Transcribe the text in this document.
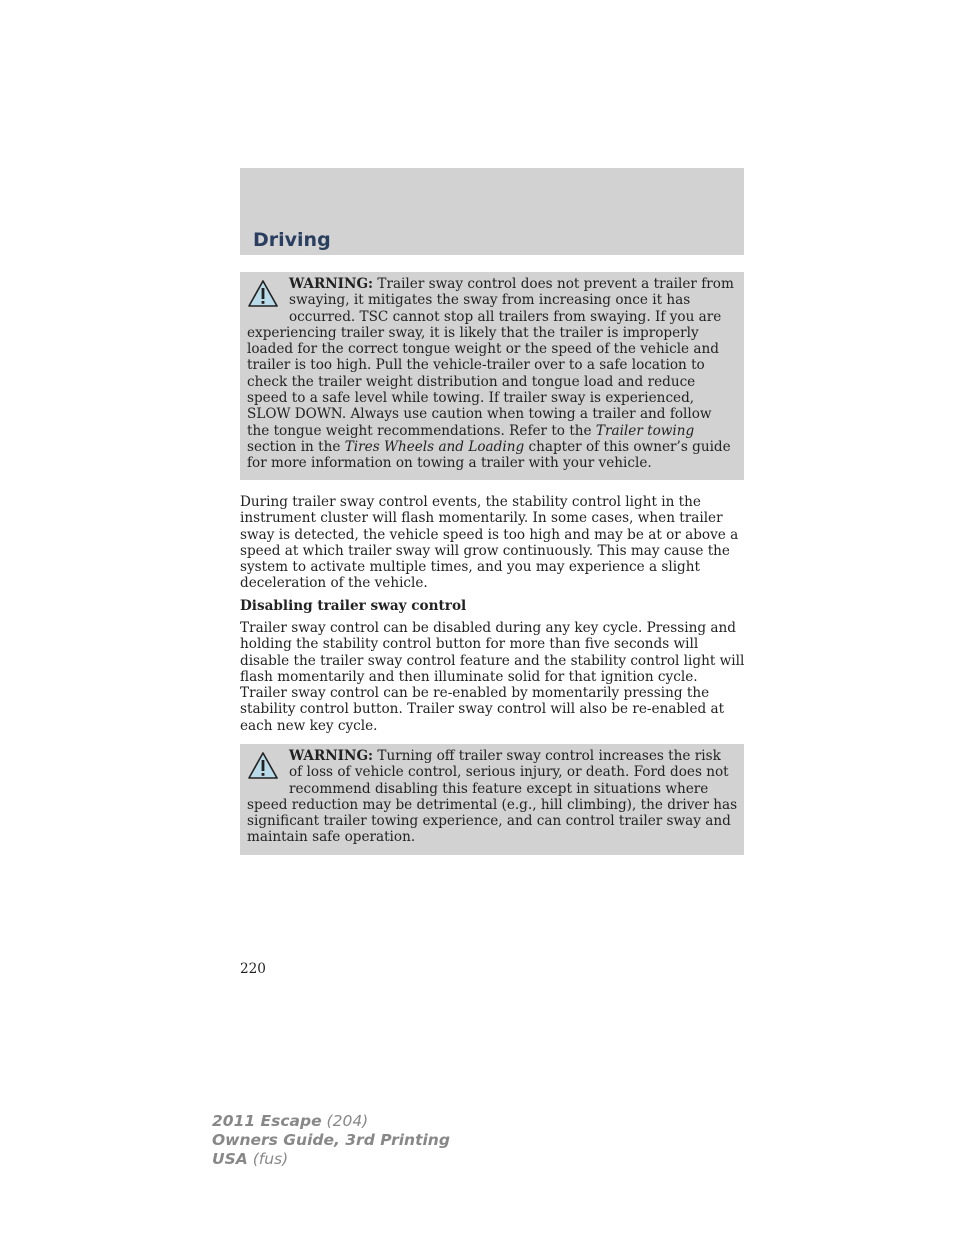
Driving
WARNING: Trailer sway control does not prevent a trailer from swaying, it mitigates the sway from increasing once it has occurred. TSC cannot stop all trailers from swaying. If you are experiencing trailer sway, it is likely that the trailer is improperly loaded for the correct tongue weight or the speed of the vehicle and trailer is too high. Pull the vehicle-trailer over to a safe location to check the trailer weight distribution and tongue load and reduce speed to a safe level while towing. If trailer sway is experienced, SLOW DOWN. Always use caution when towing a trailer and follow the tongue weight recommendations. Refer to the Trailer towing section in the Tires Wheels and Loading chapter of this owner’s guide for more information on towing a trailer with your vehicle.
During trailer sway control events, the stability control light in the instrument cluster will flash momentarily. In some cases, when trailer sway is detected, the vehicle speed is too high and may be at or above a speed at which trailer sway will grow continuously. This may cause the system to activate multiple times, and you may experience a slight deceleration of the vehicle.
Disabling trailer sway control
Trailer sway control can be disabled during any key cycle. Pressing and holding the stability control button for more than five seconds will disable the trailer sway control feature and the stability control light will flash momentarily and then illuminate solid for that ignition cycle. Trailer sway control can be re-enabled by momentarily pressing the stability control button. Trailer sway control will also be re-enabled at each new key cycle.
WARNING: Turning off trailer sway control increases the risk of loss of vehicle control, serious injury, or death. Ford does not recommend disabling this feature except in situations where speed reduction may be detrimental (e.g., hill climbing), the driver has significant trailer towing experience, and can control trailer sway and maintain safe operation.
220
2011 Escape (204)
Owners Guide, 3rd Printing
USA (fus)
